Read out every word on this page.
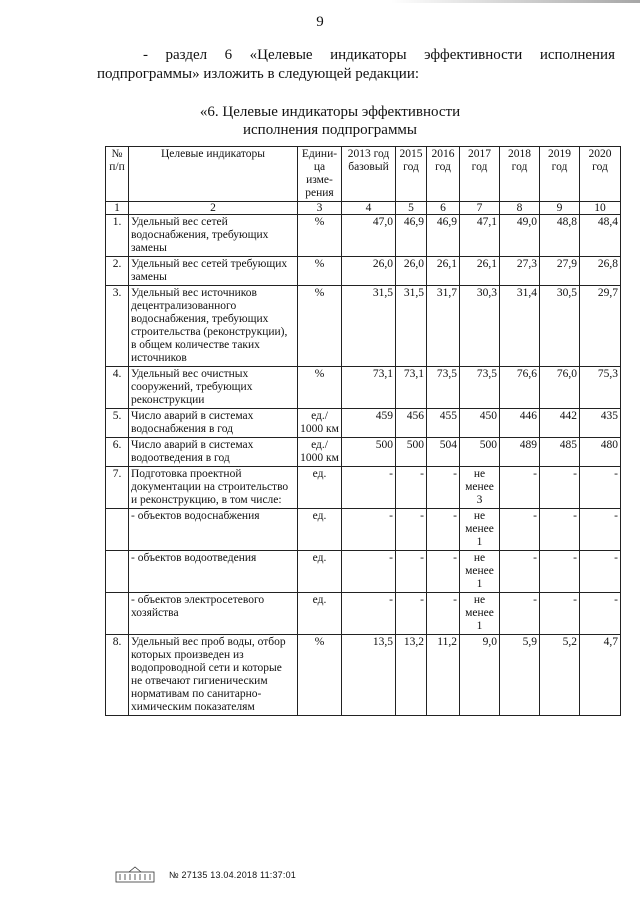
9
- раздел 6 «Целевые индикаторы эффективности исполнения
подпрограммы» изложить в следующей редакции:
«6. Целевые индикаторы эффективности
исполнения подпрограммы
№ п/п	Целевые индикаторы	Едини-ца изме-рения	2013 год базовый	2015 год	2016 год	2017 год	2018 год	2019 год	2020 год
1	2	3	4	5	6	7	8	9	10
1.	Удельный вес сетей водоснабжения, требующих замены	%	47,0	46,9	46,9	47,1	49,0	48,8	48,4
2.	Удельный вес сетей требующих замены	%	26,0	26,0	26,1	26,1	27,3	27,9	26,8
3.	Удельный вес источников децентрализованного водоснабжения, требующих строительства (реконструкции), в общем количестве таких источников	%	31,5	31,5	31,7	30,3	31,4	30,5	29,7
4.	Удельный вес очистных сооружений, требующих реконструкции	%	73,1	73,1	73,5	73,5	76,6	76,0	75,3
5.	Число аварий в системах водоснабжения в год	ед./ 1000 км	459	456	455	450	446	442	435
6.	Число аварий в системах водоотведения в год	ед./ 1000 км	500	500	504	500	489	485	480
7.	Подготовка проектной документации на строительство и реконструкцию, в том числе:	ед.	-	-	-	не менее 3	-	-	-
	- объектов водоснабжения	ед.	-	-	-	не менее 1	-	-	-
	- объектов водоотведения	ед.	-	-	-	не менее 1	-	-	-
	- объектов электросетевого хозяйства	ед.	-	-	-	не менее 1	-	-	-
8.	Удельный вес проб воды, отбор которых произведен из водопроводной сети и которые не отвечают гигиеническим нормативам по санитарно-химическим показателям	%	13,5	13,2	11,2	9,0	5,9	5,2	4,7
№ 27135 13.04.2018 11:37:01
